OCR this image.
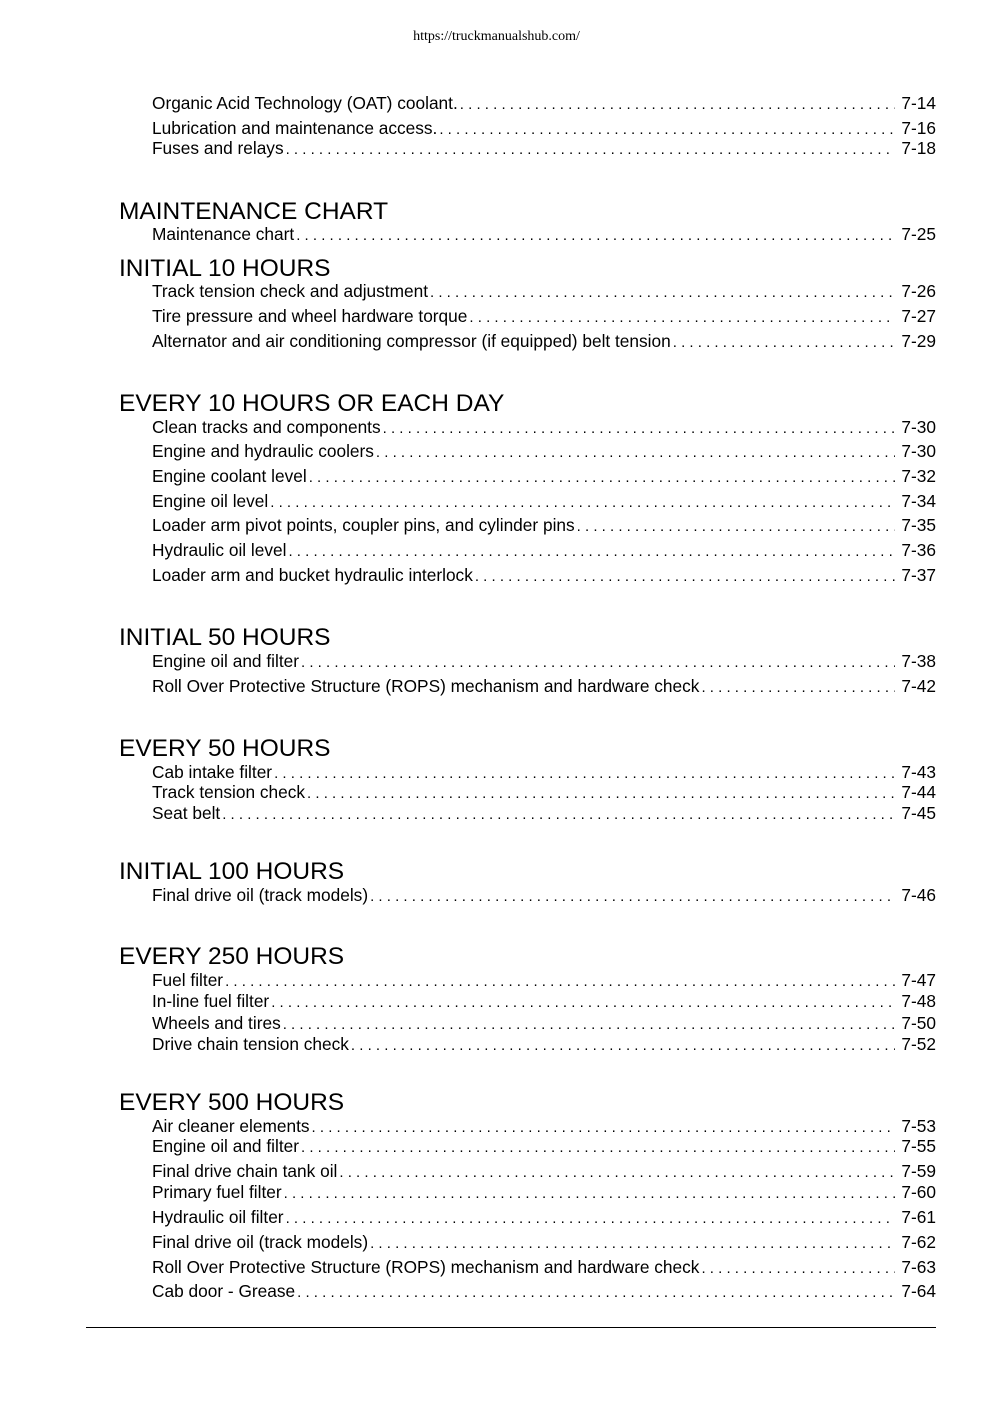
https://truckmanualshub.com/
Organic Acid Technology (OAT) coolant. . . .	7-14
Lubrication and maintenance access. . . .	7-16
Fuses and relays . . .	7-18
MAINTENANCE CHART
Maintenance chart . . .	7-25
INITIAL 10 HOURS
Track tension check and adjustment . . .	7-26
Tire pressure and wheel hardware torque . . .	7-27
Alternator and air conditioning compressor (if equipped) belt tension . . .	7-29
EVERY 10 HOURS OR EACH DAY
Clean tracks and components . . .	7-30
Engine and hydraulic coolers . . .	7-30
Engine coolant level . . .	7-32
Engine oil level . . .	7-34
Loader arm pivot points, coupler pins, and cylinder pins . . .	7-35
Hydraulic oil level . . .	7-36
Loader arm and bucket hydraulic interlock . . .	7-37
INITIAL 50 HOURS
Engine oil and filter . . .	7-38
Roll Over Protective Structure (ROPS) mechanism and hardware check . . .	7-42
EVERY 50 HOURS
Cab intake filter . . .	7-43
Track tension check . . .	7-44
Seat belt . . .	7-45
INITIAL 100 HOURS
Final drive oil (track models) . . .	7-46
EVERY 250 HOURS
Fuel filter . . .	7-47
In-line fuel filter . . .	7-48
Wheels and tires . . .	7-50
Drive chain tension check . . .	7-52
EVERY 500 HOURS
Air cleaner elements . . .	7-53
Engine oil and filter . . .	7-55
Final drive chain tank oil . . .	7-59
Primary fuel filter . . .	7-60
Hydraulic oil filter . . .	7-61
Final drive oil (track models) . . .	7-62
Roll Over Protective Structure (ROPS) mechanism and hardware check . . .	7-63
Cab door - Grease . . .	7-64
